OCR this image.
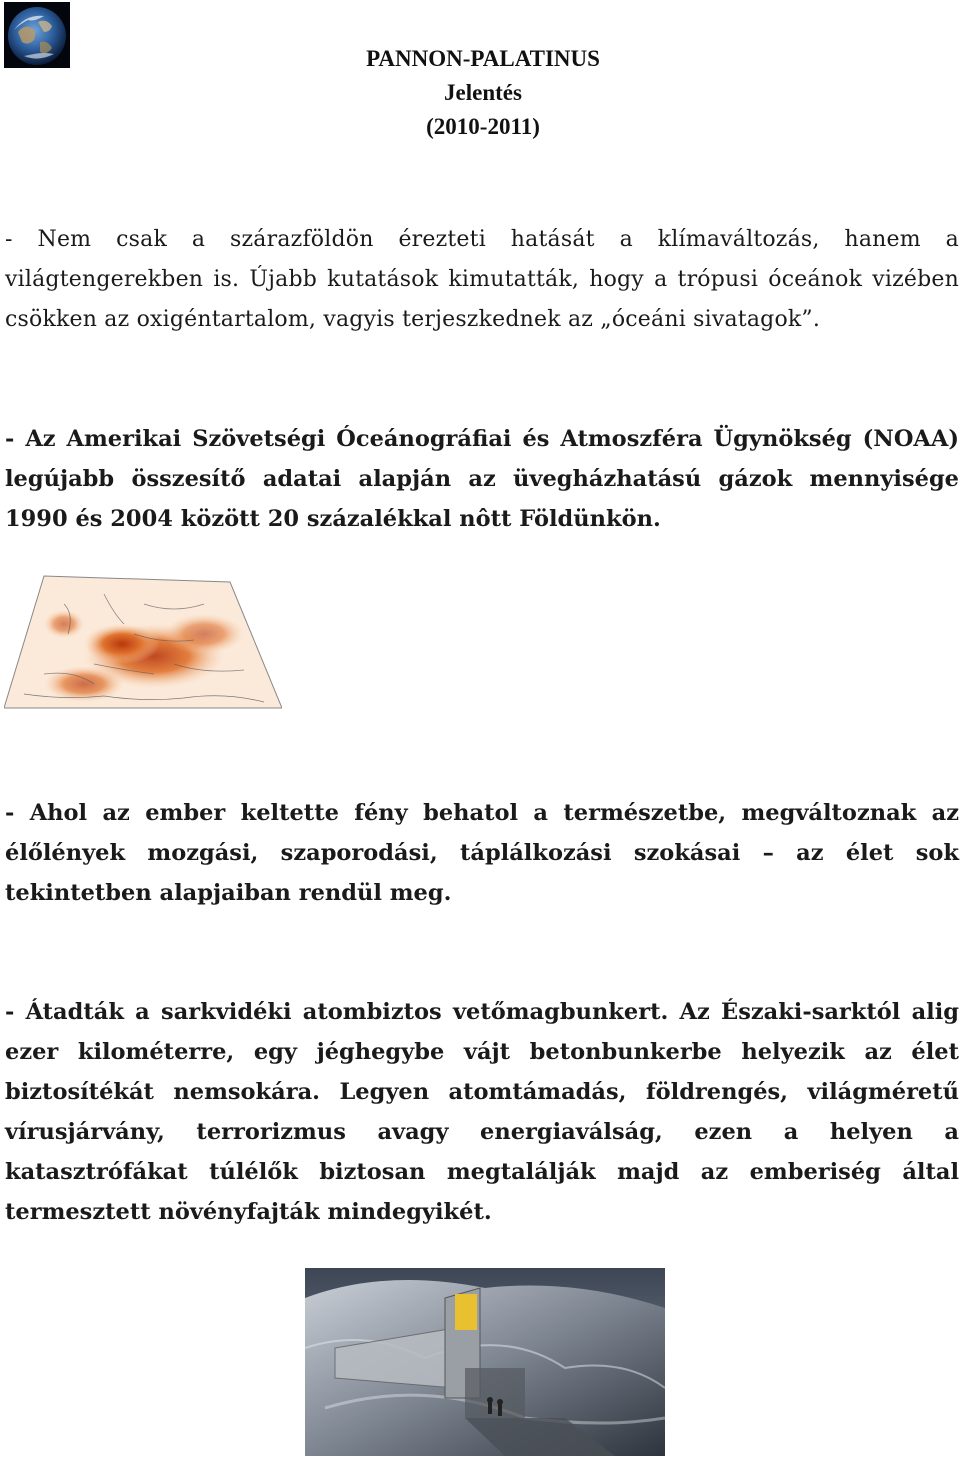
PANNON-PALATINUS
Jelentés
(2010-2011)

- Nem csak a szárazföldön érezteti hatását a klímaváltozás, hanem a világtengerekben is. Újabb kutatások kimutatták, hogy a trópusi óceánok vizében csökken az oxigéntartalom, vagyis terjeszkednek az „óceáni sivatagok”.

- Az Amerikai Szövetségi Óceánográfiai és Atmoszféra Ügynökség (NOAA) legújabb összesítő adatai alapján az üvegházhatású gázok mennyisége 1990 és 2004 között 20 százalékkal nôtt Földünkön.

- Ahol az ember keltette fény behatol a természetbe, megváltoznak az élőlények mozgási, szaporodási, táplálkozási szokásai – az élet sok tekintetben alapjaiban rendül meg.

- Átadták a sarkvidéki atombiztos vetőmagbunkert. Az Északi-sarktól alig ezer kilométerre, egy jéghegybe vájt betonbunkerbe helyezik az élet biztosítékát nemsokára. Legyen atomtámadás, földrengés, világméretű vírusjárvány, terrorizmus avagy energiaválság, ezen a helyen a katasztrófákat túlélők biztosan megtalálják majd az emberiség által termesztett növényfajták mindegyikét.
